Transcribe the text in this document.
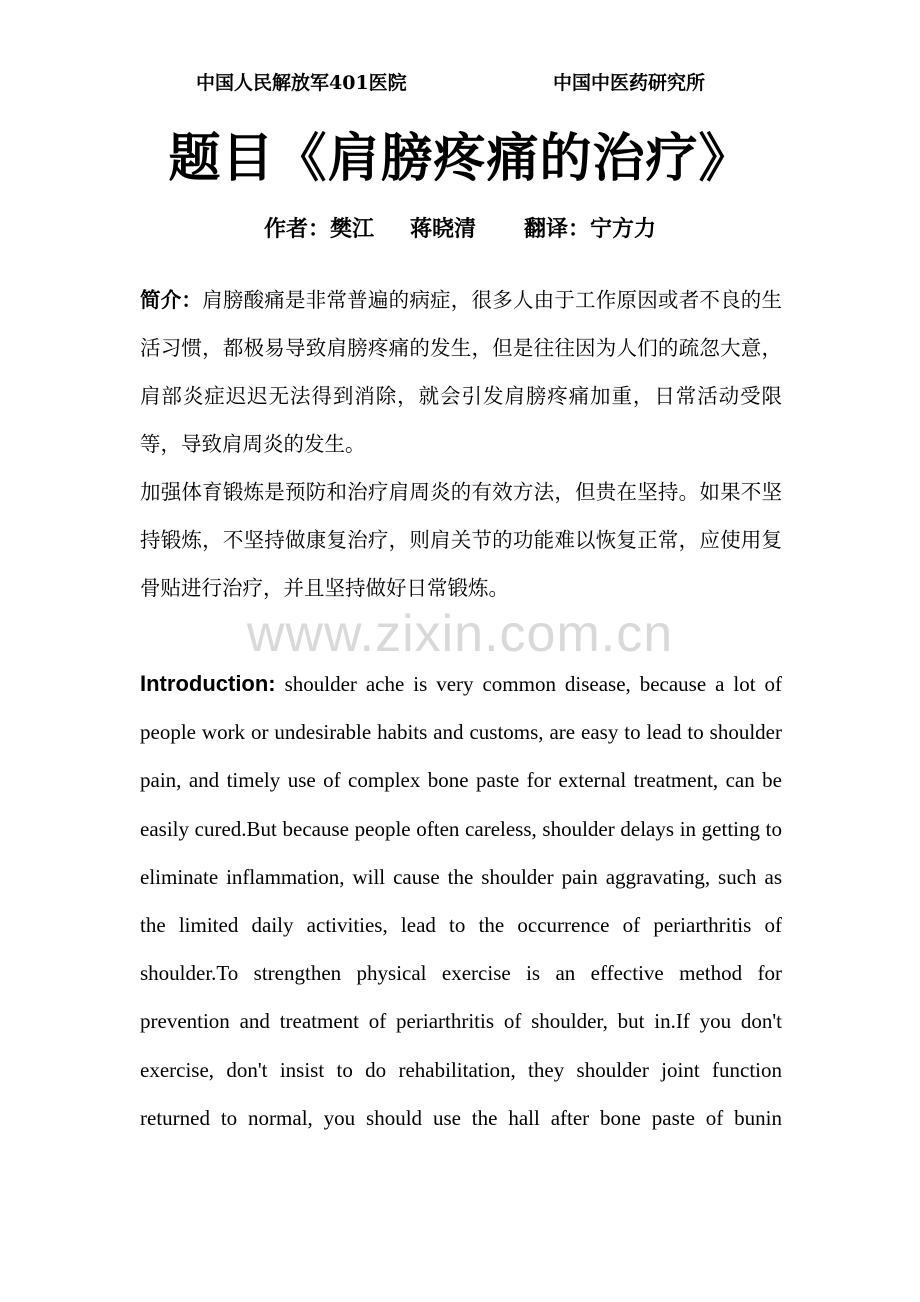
中国人民解放军401医院	中国中医药研究所
题目《肩膀疼痛的治疗》
作者：樊江 蒋晓清 翻译：宁方力

简介：肩膀酸痛是非常普遍的病症，很多人由于工作原因或者不良的生活习惯，都极易导致肩膀疼痛的发生，但是往往因为人们的疏忽大意，肩部炎症迟迟无法得到消除，就会引发肩膀疼痛加重，日常活动受限等，导致肩周炎的发生。

加强体育锻炼是预防和治疗肩周炎的有效方法，但贵在坚持。如果不坚持锻炼，不坚持做康复治疗，则肩关节的功能难以恢复正常，应使用复骨贴进行治疗，并且坚持做好日常锻炼。

www.zixin.com.cn
Introduction: shoulder ache is very common disease, because a lot of people work or undesirable habits and customs, are easy to lead to shoulder pain, and timely use of complex bone paste for external treatment, can be easily cured.But because people often careless, shoulder delays in getting to eliminate inflammation, will cause the shoulder pain aggravating, such as the limited daily activities, lead to the occurrence of periarthritis of shoulder.To strengthen physical exercise is an effective method for prevention and treatment of periarthritis of shoulder, but in.If you don't exercise, don't insist to do rehabilitation, they shoulder joint function returned to normal, you should use the hall after bone paste of bunin
